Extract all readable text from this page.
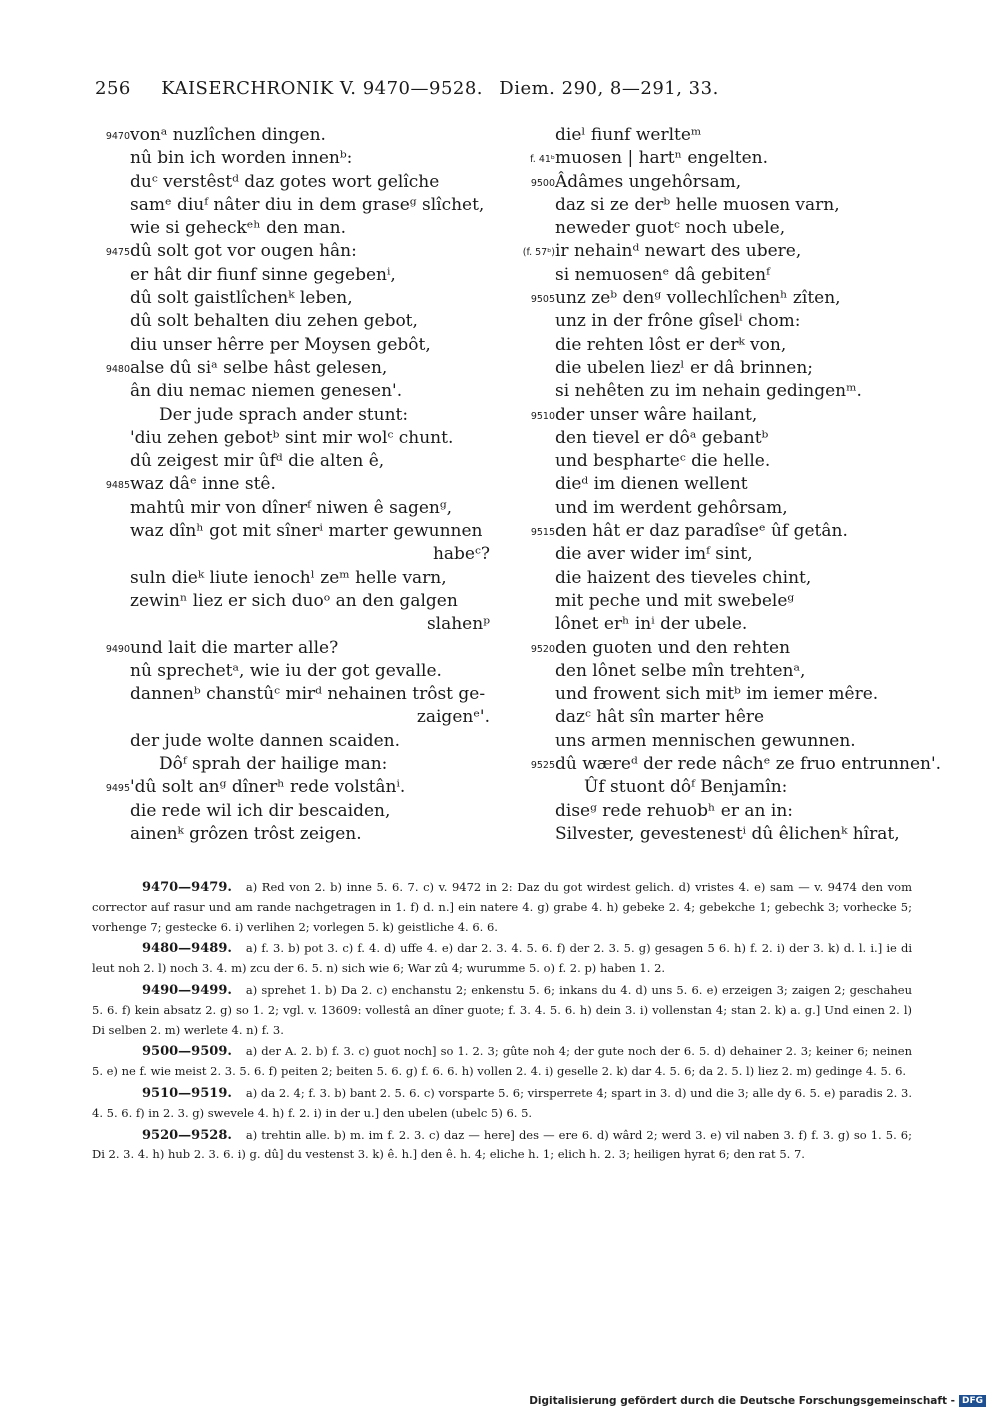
256 KAISERCHRONIK V. 9470—9528. Diem. 290, 8—291, 33.
9470 vonᵃ nuzlîchen dingen.
nû bin ich worden innenᵇ:
duᶜ verstêstᵈ daz gotes wort gelîche
samᵉ diuᶠ nâter diu in dem graseᵍ slîchet,
wie si geheckᵉʰ den man.
9475 dû solt got vor ougen hân:
er hât dir fiunf sinne gegebenⁱ,
dû solt gaistlîchenᵏ leben,
dû solt behalten diu zehen gebot,
diu unser hêrre per Moysen gebôt,
9480 alse dû siᵃ selbe hâst gelesen,
ân diu nemac niemen genesen'.
Der jude sprach ander stunt:
'diu zehen gebotᵇ sint mir wolᶜ chunt.
dû zeigest mir ûfᵈ die alten ê,
9485 waz dâᵉ inne stê.
mahtû mir von dînerᶠ niwen ê sagenᵍ,
waz dînʰ got mit sînerⁱ marter gewunnen
habeᶜ?
suln dieᵏ liute ienochˡ zeᵐ helle varn,
zewinⁿ liez er sich duoᵒ an den galgen
slahenᵖ
9490 und lait die marter alle?
nû sprechetᵃ, wie iu der got gevalle.
dannenᵇ chanstûᶜ mirᵈ nehainen trôst ge-
zaigenᵉ'.
der jude wolte dannen scaiden.
Dôᶠ sprah der hailige man:
9495 'dû solt anᵍ dînerʰ rede volstânⁱ.
die rede wil ich dir bescaiden,
ainenᵏ grôzen trôst zeigen.
dieˡ fiunf werlteᵐ
f. 41ᵇ muosen | hartⁿ engelten.
9500 Âdâmes ungehôrsam,
daz si ze derᵇ helle muosen varn,
neweder guotᶜ noch ubele,
(f. 57ᵇ) ir nehainᵈ newart des ubere,
si nemuosenᵉ dâ gebitenᶠ
9505 unz zeᵇ denᵍ vollechlîchenʰ zîten,
unz in der frône gîselⁱ chom:
die rehten lôst er derᵏ von,
die ubelen liezˡ er dâ brinnen;
si nehêten zu im nehain gedingenᵐ.
9510 der unser wâre hailant,
den tievel er dôᵃ gebantᵇ
und bespharteᶜ die helle.
dieᵈ im dienen wellent
und im werdent gehôrsam,
9515 den hât er daz paradîseᵉ ûf getân.
die aver wider imᶠ sint,
die haizent des tieveles chint,
mit peche und mit swebeleᵍ
lônet erʰ inⁱ der ubele.
9520 den guoten und den rehten
den lônet selbe mîn trehtenᵃ,
und frowent sich mitᵇ im iemer mêre.
dazᶜ hât sîn marter hêre
uns armen mennischen gewunnen.
9525 dû wæreᵈ der rede nâchᵉ ze fruo entrunnen'.
Ûf stuont dôᶠ Benjamîn:
diseᵍ rede rehuobʰ er an in:
Silvester, gevestenestⁱ dû êlichenᵏ hîrat,
9470—9479. a) Red von 2. b) inne 5. 6. 7. c) v. 9472 in 2: Daz du got wirdest gelich. d) vristes 4. e) sam — v. 9474 den vom corrector auf rasur und am rande nachgetragen in 1. f) d. n.] ein natere 4. g) grabe 4. h) gebeke 2. 4; gebekche 1; gebechk 3; vorhecke 5; vorhenge 7; gestecke 6. i) verlihen 2; vorlegen 5. k) geistliche 4. 6. 6.
9480—9489. a) f. 3. b) pot 3. c) f. 4. d) uffe 4. e) dar 2. 3. 4. 5. 6. f) der 2. 3. 5. g) gesagen 5 6. h) f. 2. i) der 3. k) d. l. i.] ie di leut noh 2. l) noch 3. 4. m) zcu der 6. 5. n) sich wie 6; War zû 4; wurumme 5. o) f. 2. p) haben 1. 2.
9490—9499. a) sprehet 1. b) Da 2. c) enchanstu 2; enkenstu 5. 6; inkans du 4. d) uns 5. 6. e) erzeigen 3; zaigen 2; geschaheu 5. 6. f) kein absatz 2. g) so 1. 2; vgl. v. 13609: vollestâ an dîner guote; f. 3. 4. 5. 6. h) dein 3. i) vollenstan 4; stan 2. k) a. g.] Und einen 2. l) Di selben 2. m) werlete 4. n) f. 3.
9500—9509. a) der A. 2. b) f. 3. c) guot noch] so 1. 2. 3; gûte noh 4; der gute noch der 6. 5. d) dehainer 2. 3; keiner 6; neinen 5. e) ne f. wie meist 2. 3. 5. 6. f) peiten 2; beiten 5. 6. g) f. 6. 6. h) vollen 2. 4. i) geselle 2. k) dar 4. 5. 6; da 2. 5. l) liez 2. m) gedinge 4. 5. 6.
9510—9519. a) da 2. 4; f. 3. b) bant 2. 5. 6. c) vorsparte 5. 6; virsperrete 4; spart in 3. d) und die 3; alle dy 6. 5. e) paradis 2. 3. 4. 5. 6. f) in 2. 3. g) swevele 4. h) f. 2. i) in der u.] den ubelen (ubelc 5) 6. 5.
9520—9528. a) trehtin alle. b) m. im f. 2. 3. c) daz — here] des — ere 6. d) wârd 2; werd 3. e) vil naben 3. f) f. 3. g) so 1. 5. 6; Di 2. 3. 4. h) hub 2. 3. 6. i) g. dû] du vestenst 3. k) ê. h.] den ê. h. 4; eliche h. 1; elich h. 2. 3; heiligen hyrat 6; den rat 5. 7.
Digitalisierung gefördert durch die Deutsche Forschungsgemeinschaft - DFG
